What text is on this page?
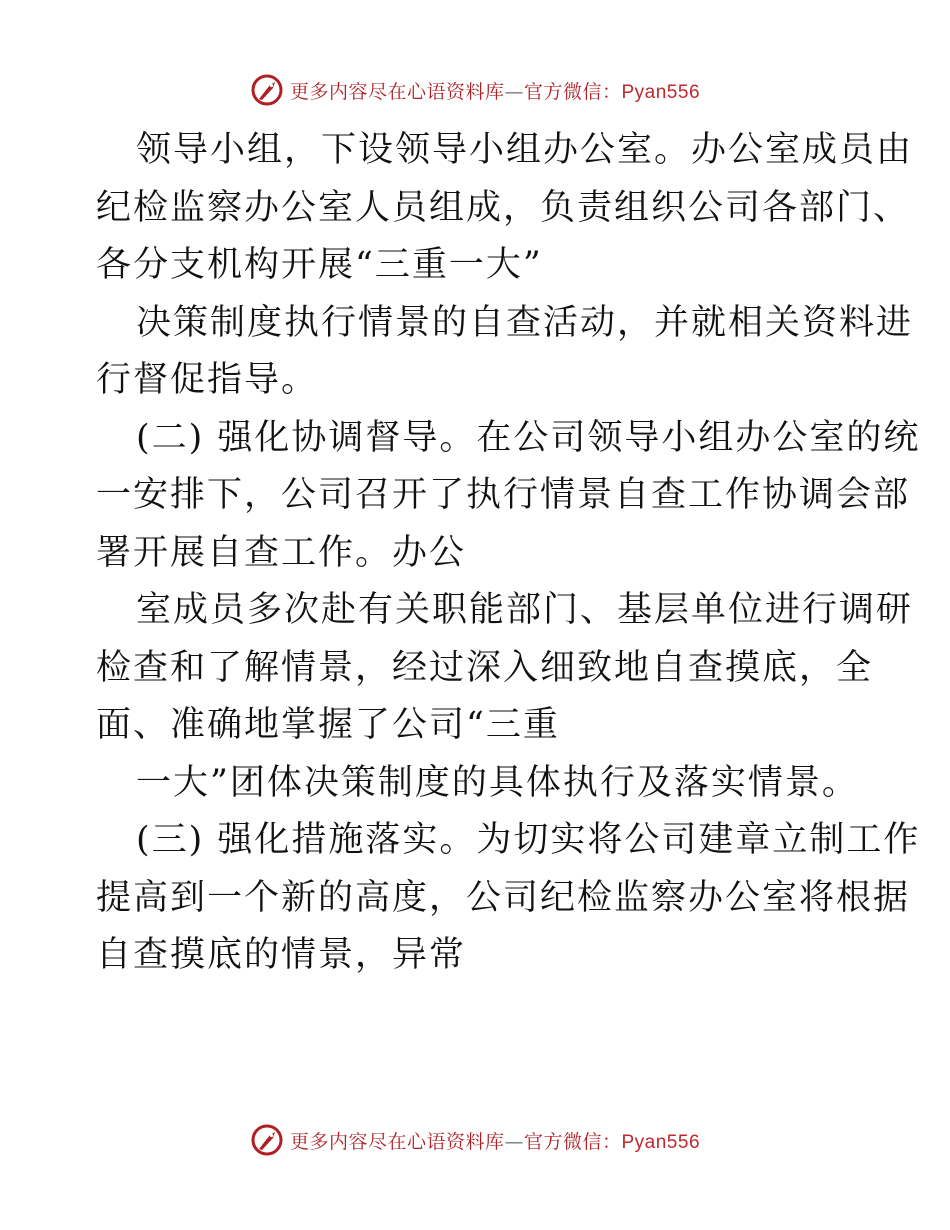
更多内容尽在心语资料库—官方微信：Pyan556
领导小组，下设领导小组办公室。办公室成员由
纪检监察办公室人员组成，负责组织公司各部门、
各分支机构开展“三重一大”
决策制度执行情景的自查活动，并就相关资料进
行督促指导。
(二) 强化协调督导。在公司领导小组办公室的统
一安排下，公司召开了执行情景自查工作协调会部
署开展自查工作。办公
室成员多次赴有关职能部门、基层单位进行调研
检查和了解情景，经过深入细致地自查摸底，全
面、准确地掌握了公司“三重
一大”团体决策制度的具体执行及落实情景。
(三) 强化措施落实。为切实将公司建章立制工作
提高到一个新的高度，公司纪检监察办公室将根据
自查摸底的情景，异常
更多内容尽在心语资料库—官方微信：Pyan556
